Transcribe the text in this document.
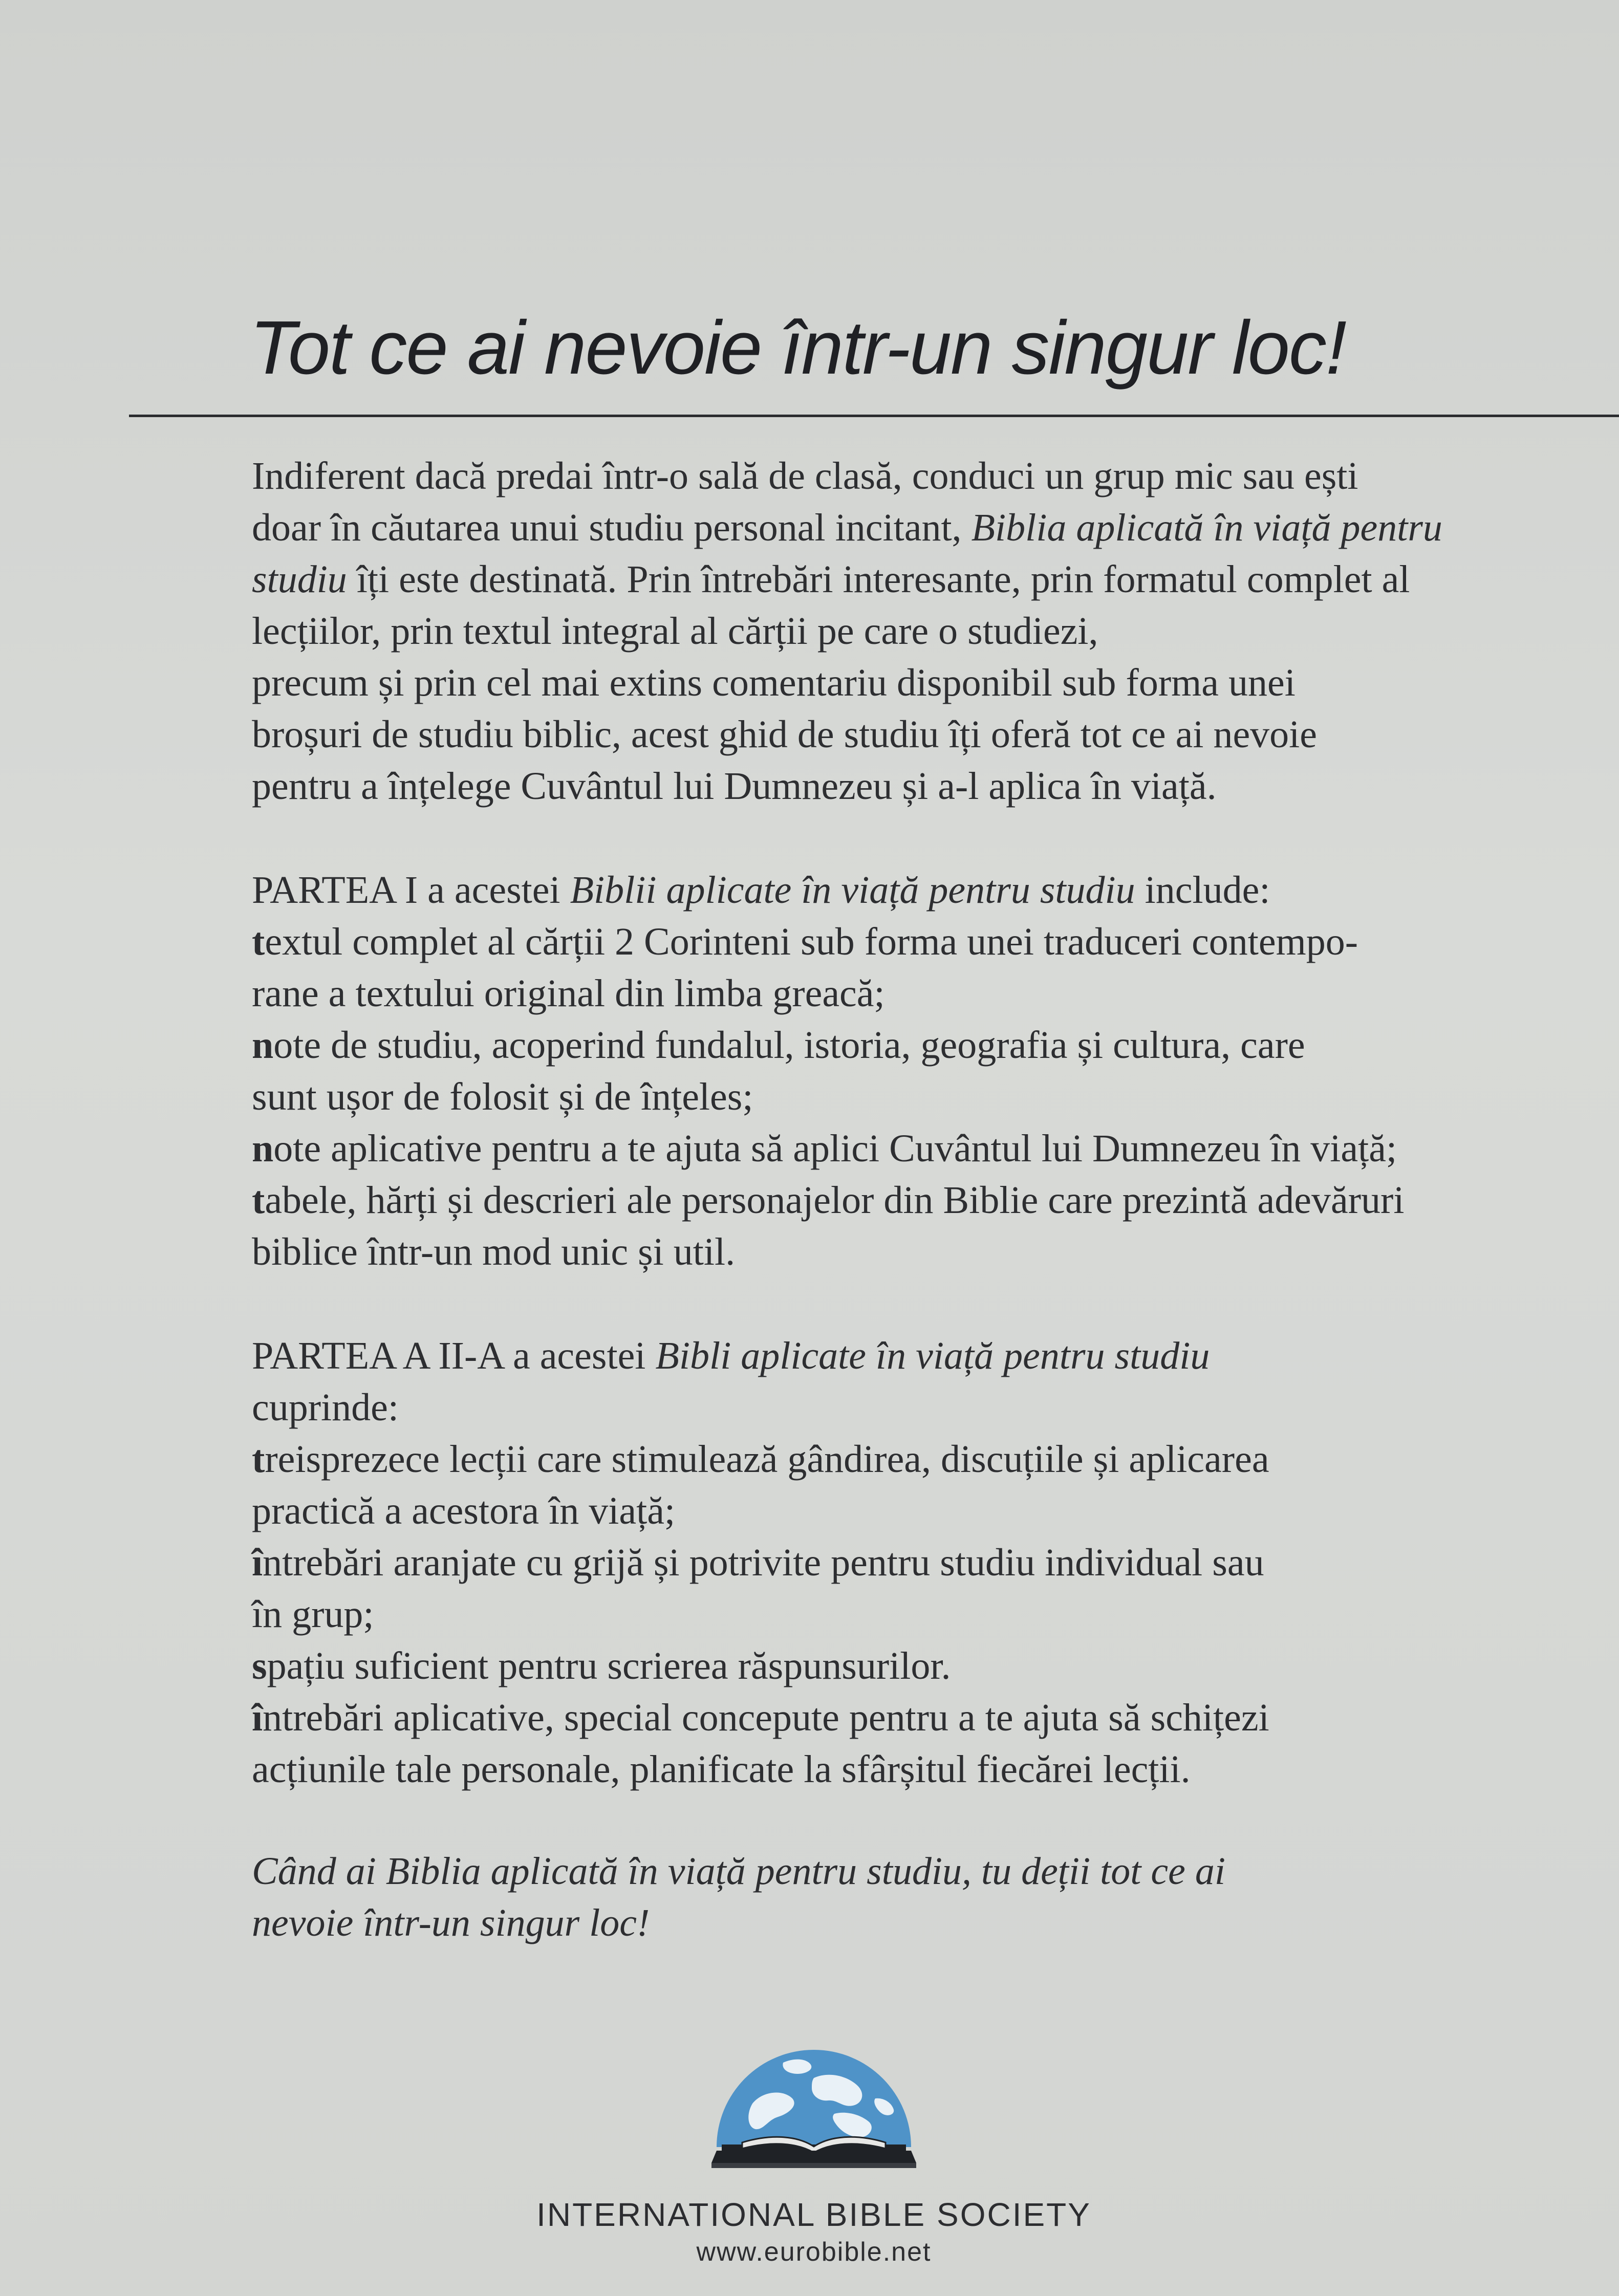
Tot ce ai nevoie într-un singur loc!

Indiferent dacă predai într-o sală de clasă, conduci un grup mic sau ești
doar în căutarea unui studiu personal incitant, Biblia aplicată în viață pentru
studiu îți este destinată. Prin întrebări interesante, prin formatul complet al
lecțiilor, prin textul integral al cărții pe care o studiezi,
precum și prin cel mai extins comentariu disponibil sub forma unei
broșuri de studiu biblic, acest ghid de studiu îți oferă tot ce ai nevoie
pentru a înțelege Cuvântul lui Dumnezeu și a-l aplica în viață.

PARTEA I a acestei Biblii aplicate în viață pentru studiu include:
textul complet al cărții 2 Corinteni sub forma unei traduceri contempo-
rane a textului original din limba greacă;
note de studiu, acoperind fundalul, istoria, geografia și cultura, care
sunt ușor de folosit și de înțeles;
note aplicative pentru a te ajuta să aplici Cuvântul lui Dumnezeu în viață;
tabele, hărți și descrieri ale personajelor din Biblie care prezintă adevăruri
biblice într-un mod unic și util.

PARTEA A II-A a acestei Bibli aplicate în viață pentru studiu
cuprinde:
treisprezece lecții care stimulează gândirea, discuțiile și aplicarea
practică a acestora în viață;
întrebări aranjate cu grijă și potrivite pentru studiu individual sau
în grup;
spațiu suficient pentru scrierea răspunsurilor.
întrebări aplicative, special concepute pentru a te ajuta să schițezi
acțiunile tale personale, planificate la sfârșitul fiecărei lecții.

Când ai Biblia aplicată în viață pentru studiu, tu deții tot ce ai
nevoie într-un singur loc!

INTERNATIONAL BIBLE SOCIETY
www.eurobible.net
